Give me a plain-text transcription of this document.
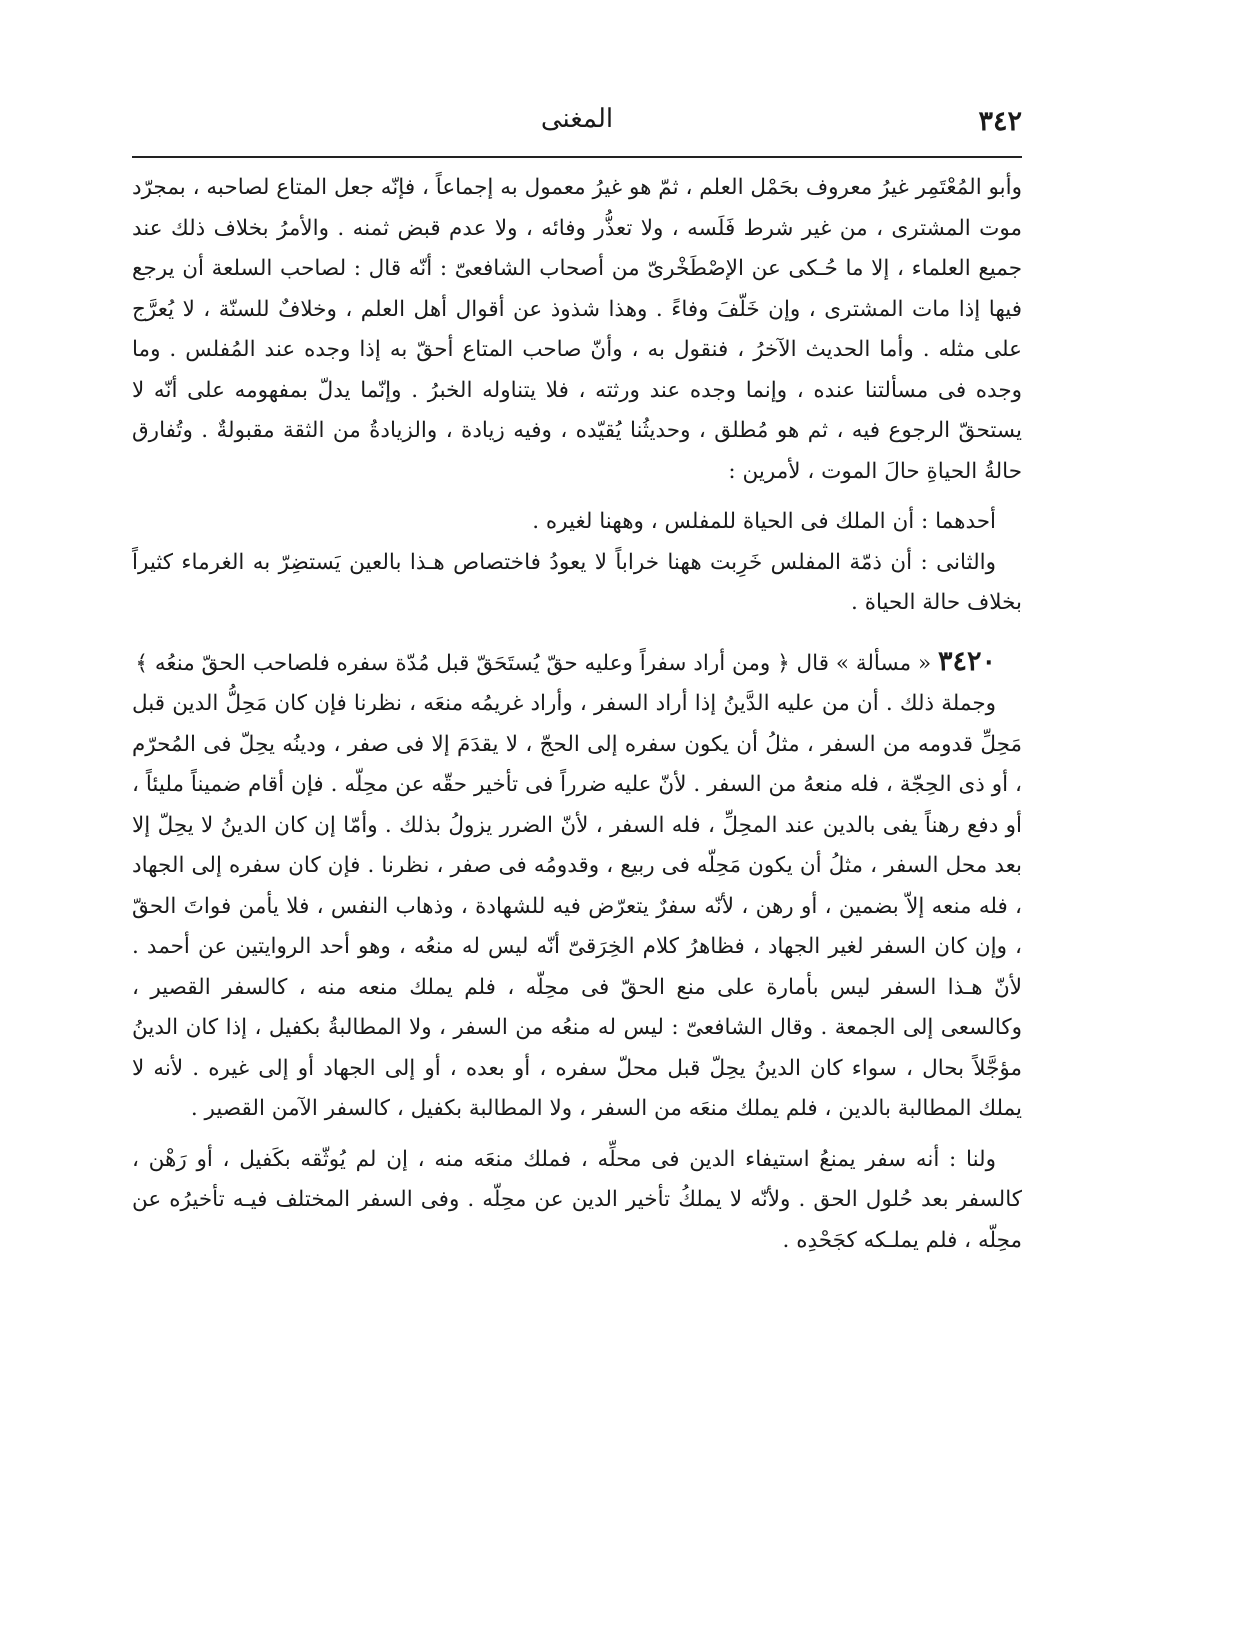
٣٤٢
المغنى

وأبو المُعْتَمِر غيرُ معروف بحَمْل العلم ، ثمّ هو غيرُ معمول به إجماعاً ، فإنّه جعل المتاع لصاحبه ، بمجرّد موت المشترى ، من غير شرط فَلَسه ، ولا تعذُّر وفائه ، ولا عدم قبض ثمنه . والأمرُ بخلاف ذلك عند جميع العلماء ، إلا ما حُـكى عن الإصْطَخْرىّ من أصحاب الشافعىّ : أنّه قال : لصاحب السلعة أن يرجع فيها إذا مات المشترى ، وإن خَلّفَ وفاءً . وهذا شذوذ عن أقوال أهل العلم ، وخلافٌ للسنّة ، لا يُعرَّج على مثله . وأما الحديث الآخرُ ، فنقول به ، وأنّ صاحب المتاع أحقّ به إذا وجده عند المُفلس . وما وجده فى مسألتنا عنده ، وإنما وجده عند ورثته ، فلا يتناوله الخبرُ . وإنّما يدلّ بمفهومه على أنّه لا يستحقّ الرجوع فيه ، ثم هو مُطلق ، وحديثُنا يُقيّده ، وفيه زيادة ، والزيادةُ من الثقة مقبولةٌ . وتُفارق حالةُ الحياةِ حالَ الموت ، لأمرين :

أحدهما : أن الملك فى الحياة للمفلس ، وههنا لغيره .

والثانى : أن ذمّة المفلس خَرِبت ههنا خراباً لا يعودُ فاختصاص هـذا بالعين يَستضِرّ به الغرماء كثيراً بخلاف حالة الحياة .

٣٤٢٠ « مسألة » قال ﴿ ومن أراد سفراً وعليه حقّ يُستَحَقّ قبل مُدّة سفره فلصاحب الحقّ منعُه ﴾

وجملة ذلك . أن من عليه الدَّينُ إذا أراد السفر ، وأراد غريمُه منعَه ، نظرنا فإن كان مَحِلُّ الدين قبل مَحِلِّ قدومه من السفر ، مثلُ أن يكون سفره إلى الحجّ ، لا يقدَمَ إلا فى صفر ، ودينُه يحِلّ فى المُحرّم ، أو ذى الحِجّة ، فله منعهُ من السفر . لأنّ عليه ضرراً فى تأخير حقّه عن محِلّه . فإن أقام ضميناً مليئاً ، أو دفع رهناً يفى بالدين عند المحِلِّ ، فله السفر ، لأنّ الضرر يزولُ بذلك . وأمّا إن كان الدينُ لا يحِلّ إلا بعد محل السفر ، مثلُ أن يكون مَحِلّه فى ربيع ، وقدومُه فى صفر ، نظرنا . فإن كان سفره إلى الجهاد ، فله منعه إلاّ بضمين ، أو رهن ، لأنّه سفرٌ يتعرّض فيه للشهادة ، وذهاب النفس ، فلا يأمن فواتَ الحقّ ، وإن كان السفر لغير الجهاد ، فظاهرُ كلام الخِرَقىّ أنّه ليس له منعُه ، وهو أحد الروايتين عن أحمد . لأنّ هـذا السفر ليس بأمارة على منع الحقّ فى محِلّه ، فلم يملك منعه منه ، كالسفر القصير ، وكالسعى إلى الجمعة . وقال الشافعىّ : ليس له منعُه من السفر ، ولا المطالبةُ بكفيل ، إذا كان الدينُ مؤجَّلاً بحال ، سواء كان الدينُ يحِلّ قبل محلّ سفره ، أو بعده ، أو إلى الجهاد أو إلى غيره . لأنه لا يملك المطالبة بالدين ، فلم يملك منعَه من السفر ، ولا المطالبة بكفيل ، كالسفر الآمن القصير .

ولنا : أنه سفر يمنعُ استيفاء الدين فى محلِّه ، فملك منعَه منه ، إن لم يُوثّقه بكَفيل ، أو رَهْن ، كالسفر بعد حُلول الحق . ولأنّه لا يملكُ تأخير الدين عن محِلّه . وفى السفر المختلف فيـه تأخيرُه عن محِلّه ، فلم يملـكه كجَحْدِه .
